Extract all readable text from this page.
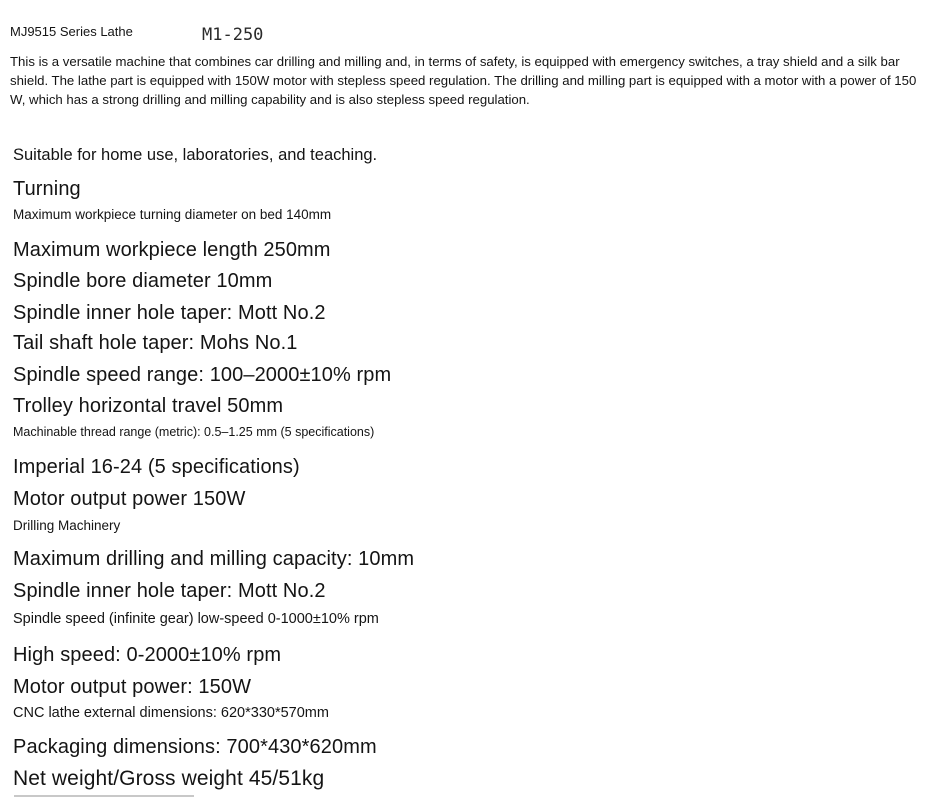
MJ9515 Series Lathe	M1-250
This is a versatile machine that combines car drilling and milling and, in terms of safety, is equipped with emergency switches, a tray shield and a silk bar shield. The lathe part is equipped with 150W motor with stepless speed regulation. The drilling and milling part is equipped with a motor with a power of 150 W, which has a strong drilling and milling capability and is also stepless speed regulation.
Suitable for home use, laboratories, and teaching.
Turning
Maximum workpiece turning diameter on bed 140mm
Maximum workpiece length 250mm
Spindle bore diameter 10mm
Spindle inner hole taper: Mott No.2
Tail shaft hole taper: Mohs No.1
Spindle speed range: 100–2000±10% rpm
Trolley horizontal travel 50mm
Machinable thread range (metric): 0.5–1.25 mm (5 specifications)
Imperial 16-24 (5 specifications)
Motor output power 150W
Drilling Machinery
Maximum drilling and milling capacity: 10mm
Spindle inner hole taper: Mott No.2
Spindle speed (infinite gear) low-speed 0-1000±10% rpm
High speed: 0-2000±10% rpm
Motor output power: 150W
CNC lathe external dimensions: 620*330*570mm
Packaging dimensions: 700*430*620mm
Net weight/Gross weight 45/51kg
